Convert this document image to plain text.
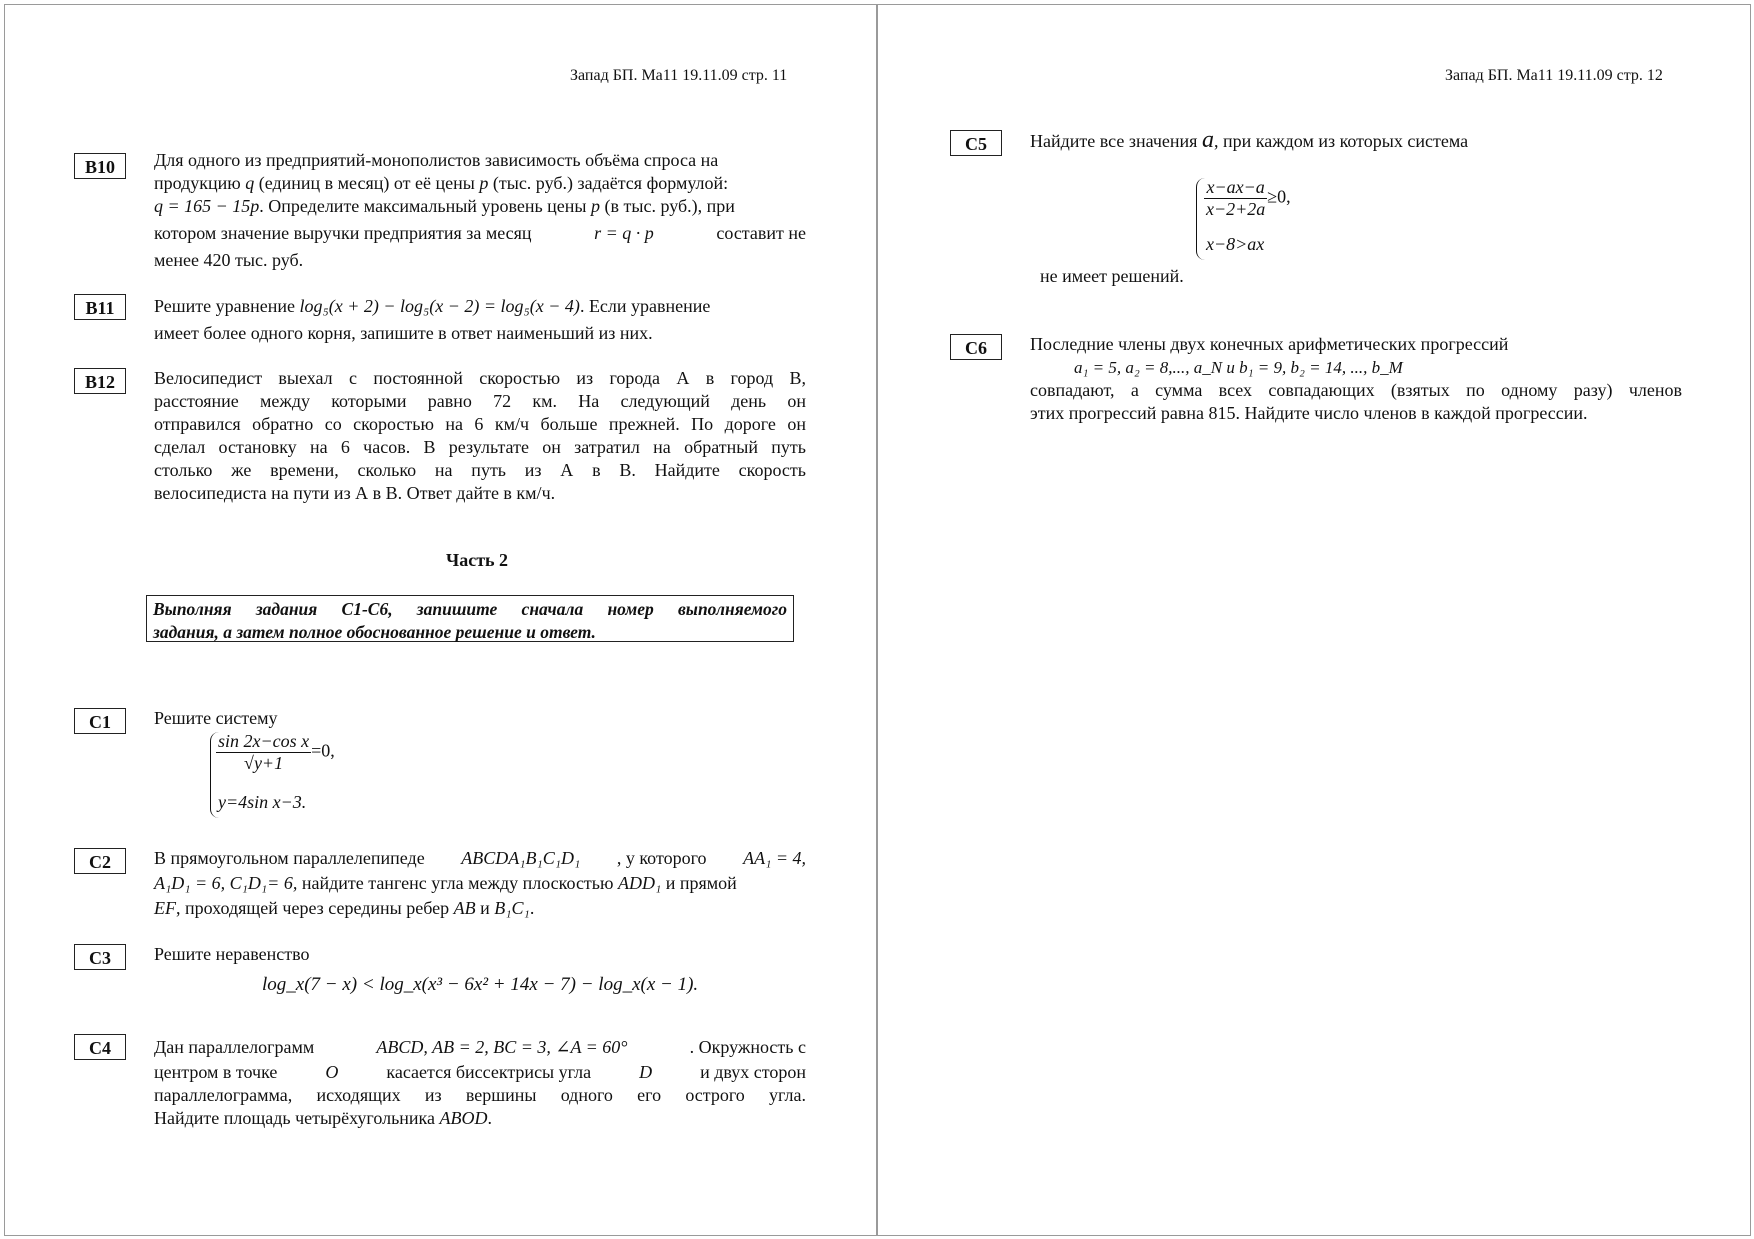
Запад БП. Ма11 19.11.09 стр. 11
B10	Для одного из предприятий-монополистов зависимость объёма спроса на
продукцию q (единиц в месяц) от её цены p (тыс. руб.) задаётся формулой:
q = 165 − 15p. Определите максимальный уровень цены p (в тыс. руб.), при
котором значение выручки предприятия за месяц	r = q · p	составит не
менее 420 тыс. руб.
B11	Решите уравнение log₅(x + 2) − log₅(x − 2) = log₅(x − 4). Если уравнение
имеет более одного корня, запишите в ответ наименьший из них.
B12	Велосипедист выехал с постоянной скоростью из города А в город В,
расстояние между которыми равно 72 км. На следующий день он
отправился обратно со скоростью на 6 км/ч больше прежней. По дороге он
сделал остановку на 6 часов. В результате он затратил на обратный путь
столько же времени, сколько на путь из А в В. Найдите скорость
велосипедиста на пути из А в В. Ответ дайте в км/ч.
Часть 2
Выполняя задания С1-С6, запишите сначала номер выполняемого
задания, а затем полное обоснованное решение и ответ.
C1	Решите систему
$\frac{\text{sin 2x−cos x}}{√y+1} =0$,
y=4sin x−3.
C2	В прямоугольном параллелепипеде ABCDA₁B₁C₁D₁ , у которого AA₁ = 4,
A₁D₁ = 6, C₁D₁= 6, найдите тангенс угла между плоскостью ADD₁ и прямой
EF, проходящей через середины ребер AB и B₁C₁.
C3	Решите неравенство
log_x(7 − x) < log_x(x³ − 6x² + 14x − 7) − log_x(x − 1).
C4	Дан параллелограмм	ABCD, AB = 2, BC = 3, ∠A = 60°	. Окружность с
центром в точке	O	касается биссектрисы угла	D	и двух сторон
параллелограмма, исходящих из вершины одного его острого угла.
Найдите площадь четырёхугольника ABOD.
Запад БП. Ма11 19.11.09 стр. 12
C5	Найдите все значения a, при каждом из которых система
$\frac{x-ax-a}{x-2+2a} \ge 0$,
x−8>ax
не имеет решений.
C6	Последние члены двух конечных арифметических прогрессий
a₁ = 5, a₂ = 8,..., a_N и b₁ = 9, b₂ = 14, ..., b_M
совпадают, а сумма всех совпадающих (взятых по одному разу) членов
этих прогрессий равна 815. Найдите число членов в каждой прогрессии.
